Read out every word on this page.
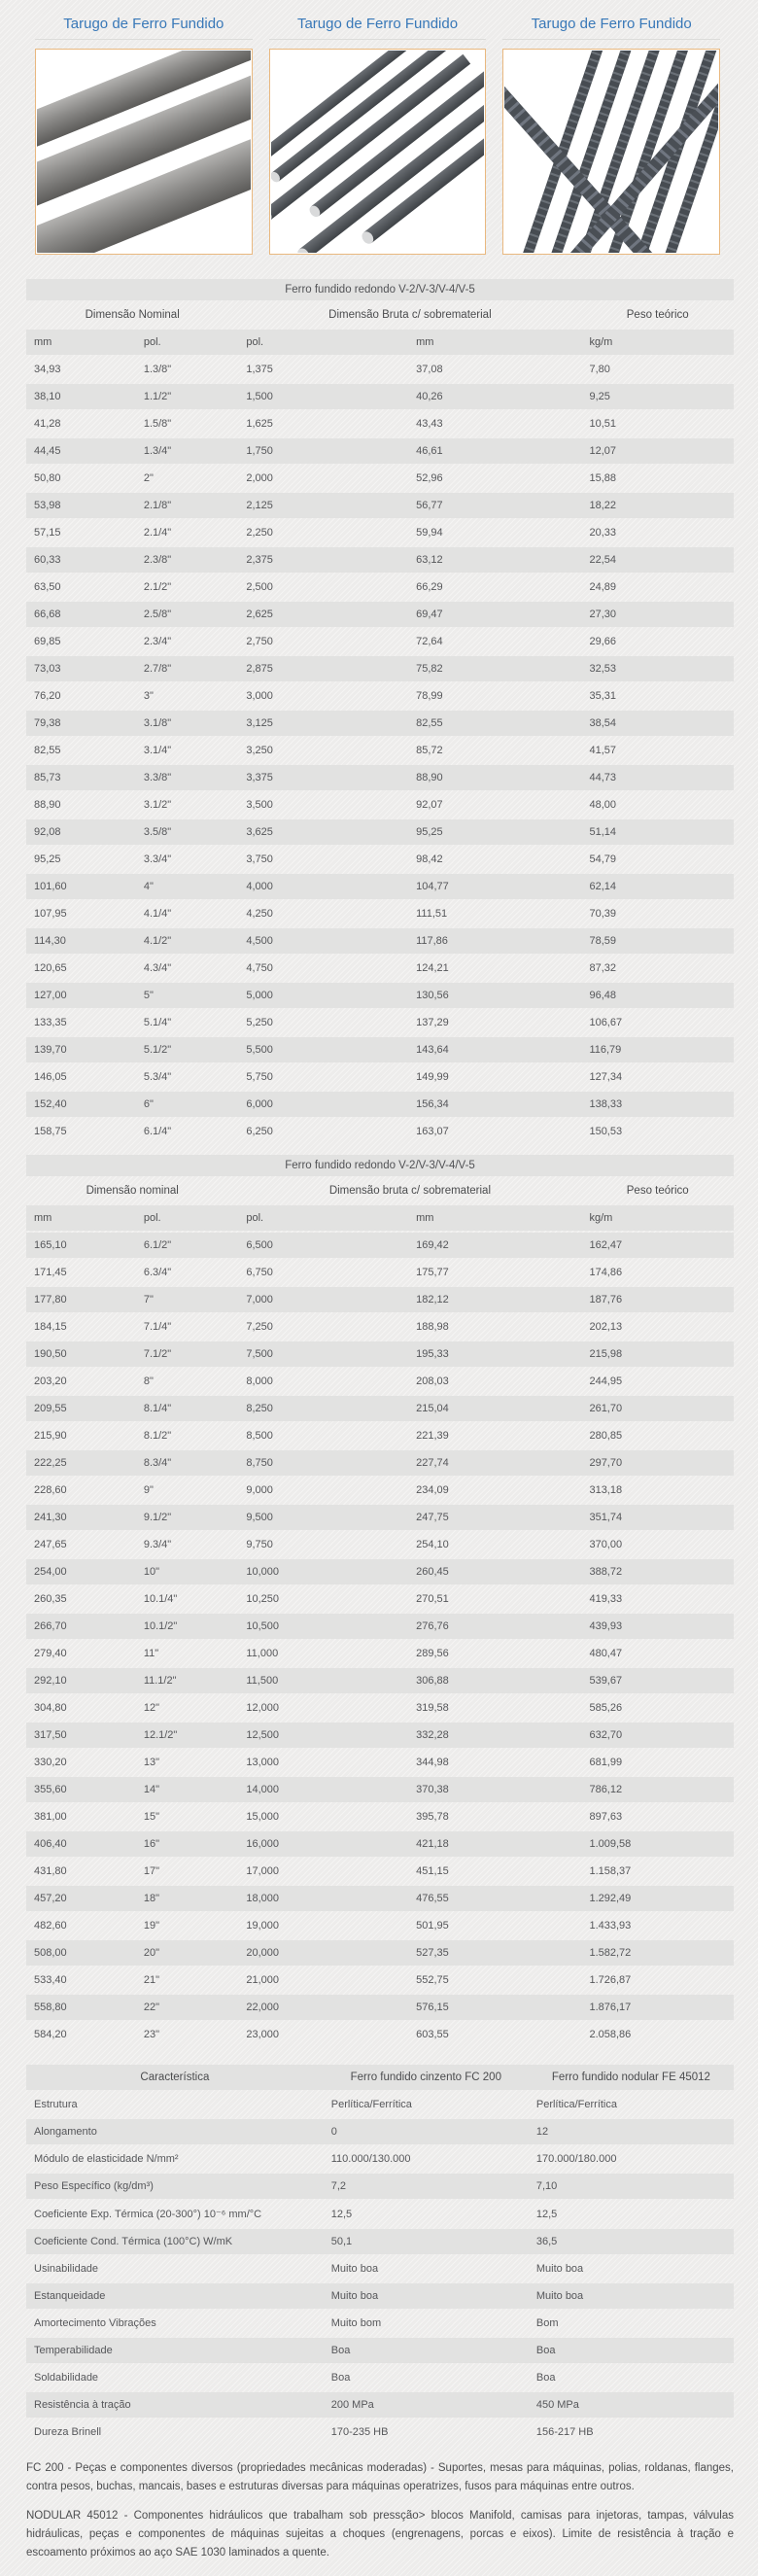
Tarugo de Ferro Fundido	Tarugo de Ferro Fundido	Tarugo de Ferro Fundido
Ferro fundido redondo V-2/V-3/V-4/V-5				
Dimensão Nominal		Dimensão Bruta c/ sobrematerial		Peso teórico
mm	pol.	pol.	mm	kg/m
34,93	1.3/8"	1,375	37,08	7,80
38,10	1.1/2"	1,500	40,26	9,25
41,28	1.5/8"	1,625	43,43	10,51
44,45	1.3/4"	1,750	46,61	12,07
50,80	2"	2,000	52,96	15,88
53,98	2.1/8"	2,125	56,77	18,22
57,15	2.1/4"	2,250	59,94	20,33
60,33	2.3/8"	2,375	63,12	22,54
63,50	2.1/2"	2,500	66,29	24,89
66,68	2.5/8"	2,625	69,47	27,30
69,85	2.3/4"	2,750	72,64	29,66
73,03	2.7/8"	2,875	75,82	32,53
76,20	3"	3,000	78,99	35,31
79,38	3.1/8"	3,125	82,55	38,54
82,55	3.1/4"	3,250	85,72	41,57
85,73	3.3/8"	3,375	88,90	44,73
88,90	3.1/2"	3,500	92,07	48,00
92,08	3.5/8"	3,625	95,25	51,14
95,25	3.3/4"	3,750	98,42	54,79
101,60	4"	4,000	104,77	62,14
107,95	4.1/4"	4,250	111,51	70,39
114,30	4.1/2"	4,500	117,86	78,59
120,65	4.3/4"	4,750	124,21	87,32
127,00	5"	5,000	130,56	96,48
133,35	5.1/4"	5,250	137,29	106,67
139,70	5.1/2"	5,500	143,64	116,79
146,05	5.3/4"	5,750	149,99	127,34
152,40	6"	6,000	156,34	138,33
158,75	6.1/4"	6,250	163,07	150,53
Ferro fundido redondo V-2/V-3/V-4/V-5				
Dimensão nominal		Dimensão bruta c/ sobrematerial		Peso teórico
mm	pol.	pol.	mm	kg/m
165,10	6.1/2"	6,500	169,42	162,47
171,45	6.3/4"	6,750	175,77	174,86
177,80	7"	7,000	182,12	187,76
184,15	7.1/4"	7,250	188,98	202,13
190,50	7.1/2"	7,500	195,33	215,98
203,20	8"	8,000	208,03	244,95
209,55	8.1/4"	8,250	215,04	261,70
215,90	8.1/2"	8,500	221,39	280,85
222,25	8.3/4"	8,750	227,74	297,70
228,60	9"	9,000	234,09	313,18
241,30	9.1/2"	9,500	247,75	351,74
247,65	9.3/4"	9,750	254,10	370,00
254,00	10"	10,000	260,45	388,72
260,35	10.1/4"	10,250	270,51	419,33
266,70	10.1/2"	10,500	276,76	439,93
279,40	11"	11,000	289,56	480,47
292,10	11.1/2"	11,500	306,88	539,67
304,80	12"	12,000	319,58	585,26
317,50	12.1/2"	12,500	332,28	632,70
330,20	13"	13,000	344,98	681,99
355,60	14"	14,000	370,38	786,12
381,00	15"	15,000	395,78	897,63
406,40	16"	16,000	421,18	1.009,58
431,80	17"	17,000	451,15	1.158,37
457,20	18"	18,000	476,55	1.292,49
482,60	19"	19,000	501,95	1.433,93
508,00	20"	20,000	527,35	1.582,72
533,40	21"	21,000	552,75	1.726,87
558,80	22"	22,000	576,15	1.876,17
584,20	23"	23,000	603,55	2.058,86
Característica	Ferro fundido cinzento FC 200	Ferro fundido nodular FE 45012
Estrutura	Perlítica/Ferrítica	Perlítica/Ferrítica
Alongamento	0	12
Módulo de elasticidade N/mm²	110.000/130.000	170.000/180.000
Peso Específico (kg/dm³)	7,2	7,10
Coeficiente Exp. Térmica (20-300°) 10⁻⁶ mm/°C	12,5	12,5
Coeficiente Cond. Térmica (100°C) W/mK	50,1	36,5
Usinabilidade	Muito boa	Muito boa
Estanqueidade	Muito boa	Muito boa
Amortecimento Vibrações	Muito bom	Bom
Temperabilidade	Boa	Boa
Soldabilidade	Boa	Boa
Resistência à tração	200 MPa	450 MPa
Dureza Brinell	170-235 HB	156-217 HB

FC 200 - Peças e componentes diversos (propriedades mecânicas moderadas) - Suportes, mesas para máquinas, polias, roldanas, flanges, contra pesos, buchas, mancais, bases e estruturas diversas para máquinas operatrizes, fusos para máquinas entre outros.

NODULAR 45012 - Componentes hidráulicos que trabalham sob pressção> blocos Manifold, camisas para injetoras, tampas, válvulas hidráulicas, peças e componentes de máquinas sujeitas a choques (engrenagens, porcas e eixos). Limite de resistência à tração e escoamento próximos ao aço SAE 1030 laminados a quente.
